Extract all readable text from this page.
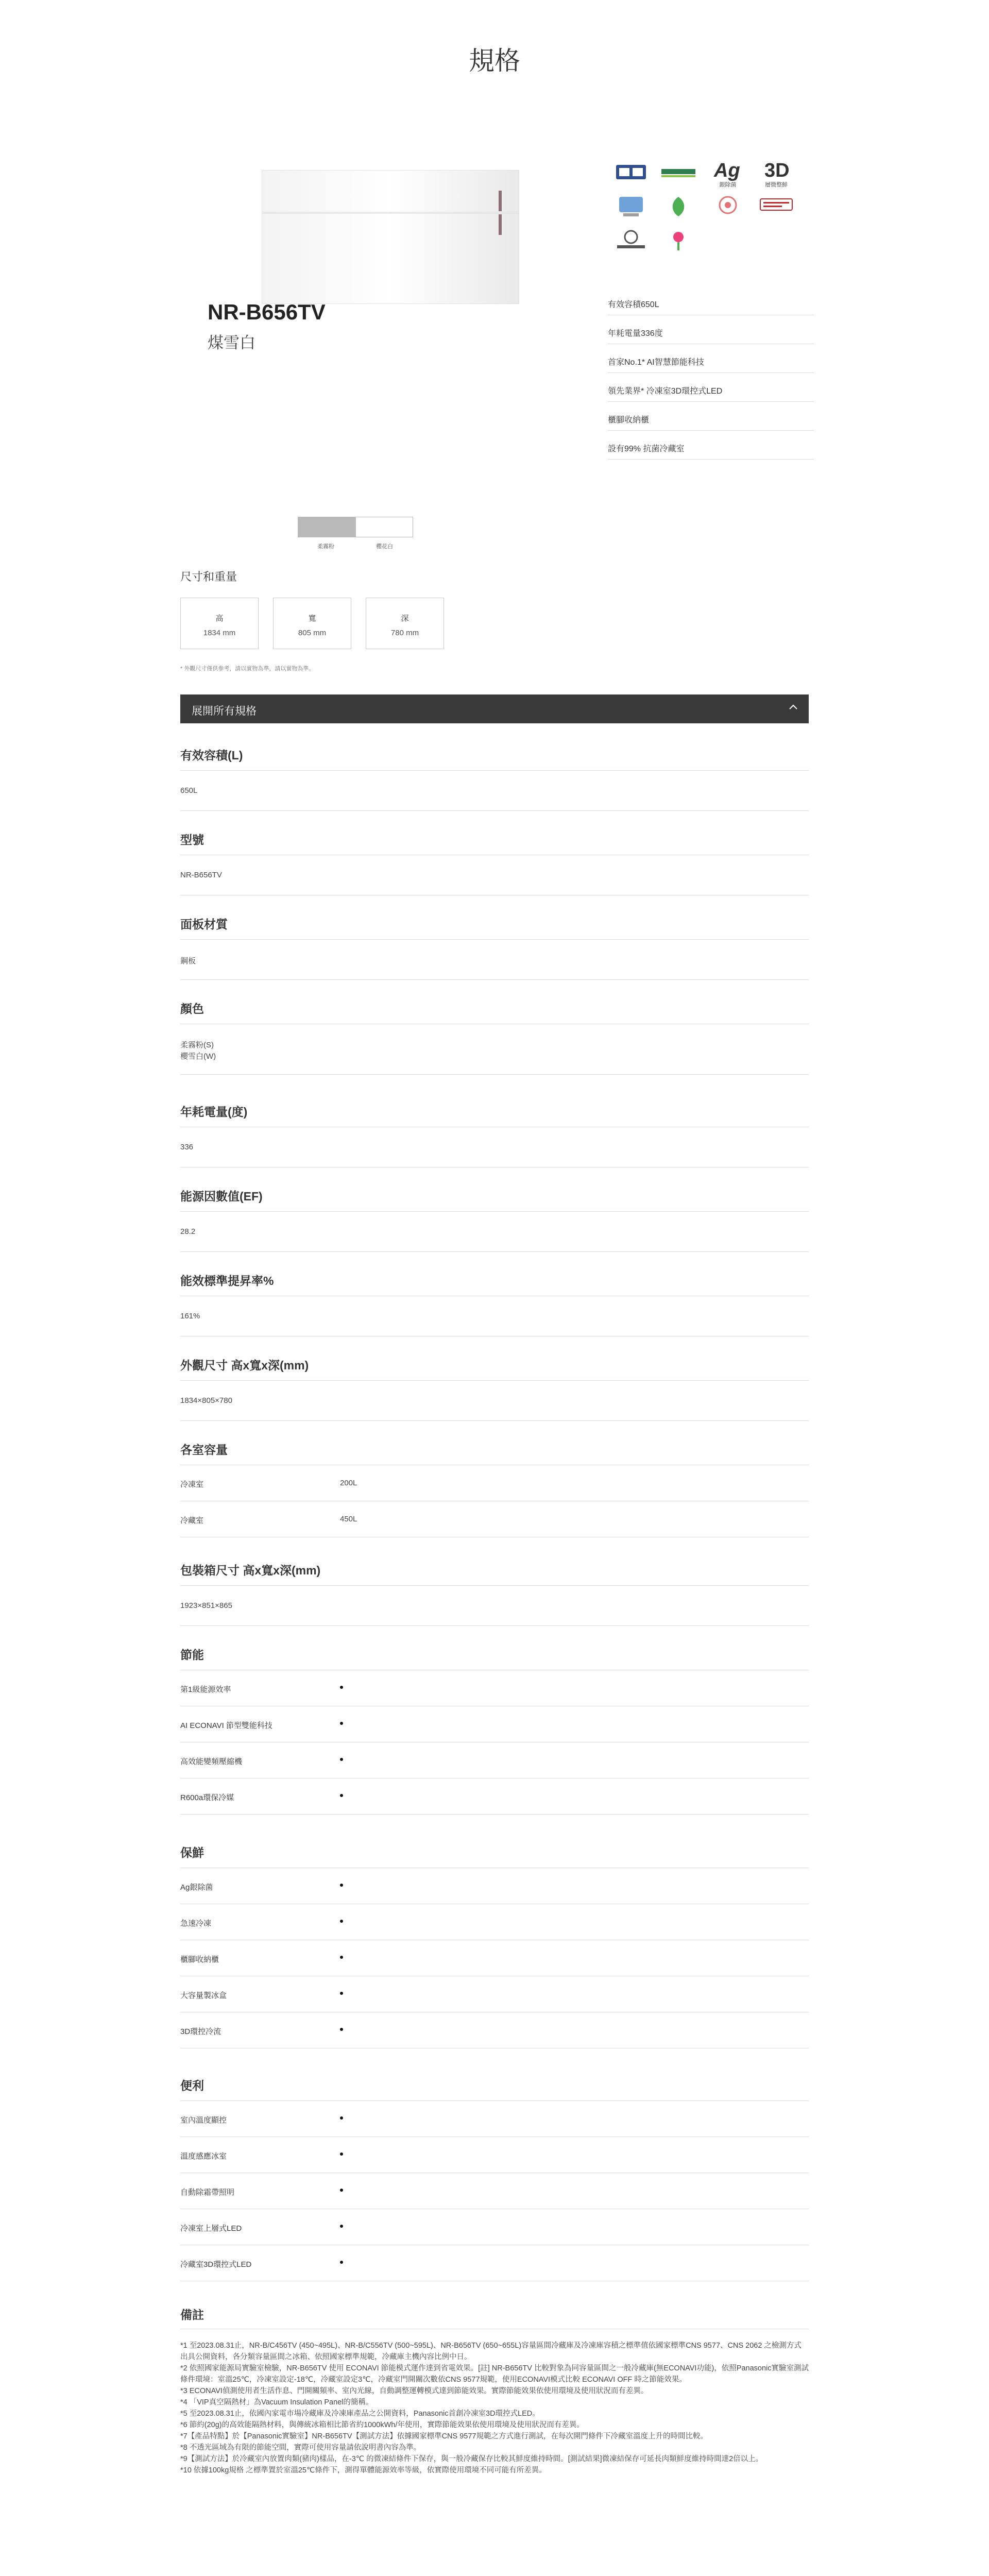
規格
NR-B656TV
煤雪白
Ag
銀除菌
3D
層微整鮮
有效容積650L
年耗電量336度
首家No.1* AI智慧節能科技
領先業界* 冷凍室3D環控式LED
櫃腳收納櫃
設有99% 抗菌冷藏室
柔霧粉	櫻花白
尺寸和重量
高
1834 mm
寬
805 mm
深
780 mm
* 外觀尺寸僅供參考，請以實物為準，請以實物為準。
展開所有規格
有效容積(L)
650L
型號
NR-B656TV
面板材質
鋼板
顏色
柔霧粉(S)
櫻雪白(W)
年耗電量(度)
336
能源因數值(EF)
28.2
能效標準提昇率%
161%
外觀尺寸 高x寬x深(mm)
1834×805×780
各室容量
冷凍室	200L
冷藏室	450L
包裝箱尺寸 高x寬x深(mm)
1923×851×865
節能
第1級能源效率
AI ECONAVI 節型雙能科技
高效能變頻壓縮機
R600a環保冷媒
保鮮
Ag銀除菌
急速冷凍
櫃腳收納櫃
大容量製冰盒
3D環控冷流
便利
室內溫度顯控
溫度感應冰室
自動除霜帶照明
冷凍室上層式LED
冷藏室3D環控式LED
備註

*1 至2023.08.31止，NR-B/C456TV (450~495L)、NR-B/C556TV (500~595L)、NR-B656TV (650~655L)容量區間冷藏庫及冷凍庫容積之標準值依國家標準CNS 9577、CNS 2062 之檢測方式出具公開資料，各分類容量區間之冰箱、依照國家標準規範，冷藏庫主機內容比例中日。

*2 依照國家能源局實驗室檢驗，NR-B656TV 使用 ECONAVI 節能模式運作達到省電效果。[註] NR-B656TV 比較對象為同容量區間之一般冷藏庫(無ECONAVI功能)，依照Panasonic實驗室測試條件環境：室溫25℃，冷凍室設定-18℃，冷藏室設定3℃，冷藏室門開關次數依CNS 9577規範，使用ECONAVI模式比較 ECONAVI OFF 時之節能效果。

*3 ECONAVI偵測使用者生活作息、門開關頻率、室內光線，自動調整運轉模式達到節能效果。實際節能效果依使用環境及使用狀況而有差異。

*4 「VIP真空隔熱材」為Vacuum Insulation Panel的簡稱。

*5 至2023.08.31止，依國內家電市場冷藏庫及冷凍庫產品之公開資料，Panasonic首創冷凍室3D環控式LED。

*6 節約(20g)的高效能隔熱材料，與傳統冰箱相比節省約1000kWh/年使用，實際節能效果依使用環境及使用狀況而有差異。

*7【產品特點】於【Panasonic實驗室】NR-B656TV【測試方法】依據國家標準CNS 9577規範之方式進行測試，在每次開門條件下冷藏室溫度上升的時間比較。

*8 不透光區域為有限的節能空間，實際可使用容量請依說明書內容為準。

*9【測試方法】於冷藏室內放置肉類(豬肉)樣品，在-3℃ 的微凍結條件下保存，與一般冷藏保存比較其鮮度維持時間。[測試結果]微凍結保存可延長肉類鮮度維持時間達2倍以上。

*10 依據100kg規格 之標準置於室溫25℃條件下，測得單體能源效率等級，依實際使用環境不同可能有所差異。
